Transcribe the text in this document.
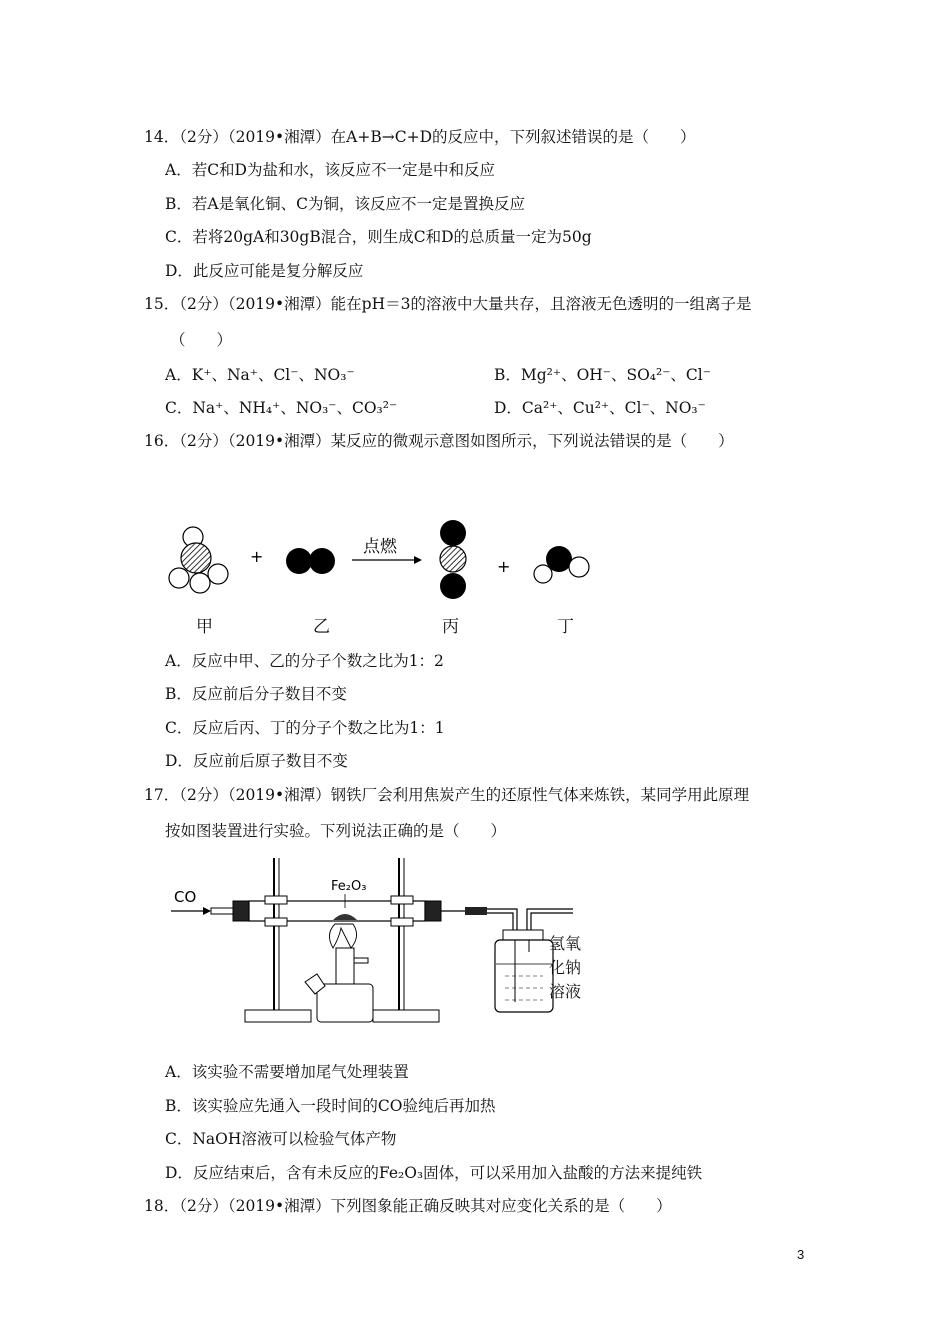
14．（2分）（2019•湘潭）在A+B→C+D的反应中，下列叙述错误的是（　　）
A．若C和D为盐和水，该反应不一定是中和反应
B．若A是氧化铜、C为铜，该反应不一定是置换反应
C．若将20gA和30gB混合，则生成C和D的总质量一定为50g
D．此反应可能是复分解反应
15．（2分）（2019•湘潭）能在pH＝3的溶液中大量共存，且溶液无色透明的一组离子是
（　　）
A．K⁺、Na⁺、Cl⁻、NO₃⁻	B．Mg²⁺、OH⁻、SO₄²⁻、Cl⁻
C．Na⁺、NH₄⁺、NO₃⁻、CO₃²⁻	D．Ca²⁺、Cu²⁺、Cl⁻、NO₃⁻
16．（2分）（2019•湘潭）某反应的微观示意图如图所示，下列说法错误的是（　　）
+	点燃
+
甲	乙	丙	丁
A．反应中甲、乙的分子个数之比为1：2
B．反应前后分子数目不变
C．反应后丙、丁的分子个数之比为1：1
D．反应前后原子数目不变
17．（2分）（2019•湘潭）钢铁厂会利用焦炭产生的还原性气体来炼铁，某同学用此原理
按如图装置进行实验。下列说法正确的是（　　）
CO
Fe₂O₃
氢氧
化钠
溶液
A．该实验不需要增加尾气处理装置
B．该实验应先通入一段时间的CO验纯后再加热
C．NaOH溶液可以检验气体产物
D．反应结束后，含有未反应的Fe₂O₃固体，可以采用加入盐酸的方法来提纯铁
18．（2分）（2019•湘潭）下列图象能正确反映其对应变化关系的是（　　）
3
